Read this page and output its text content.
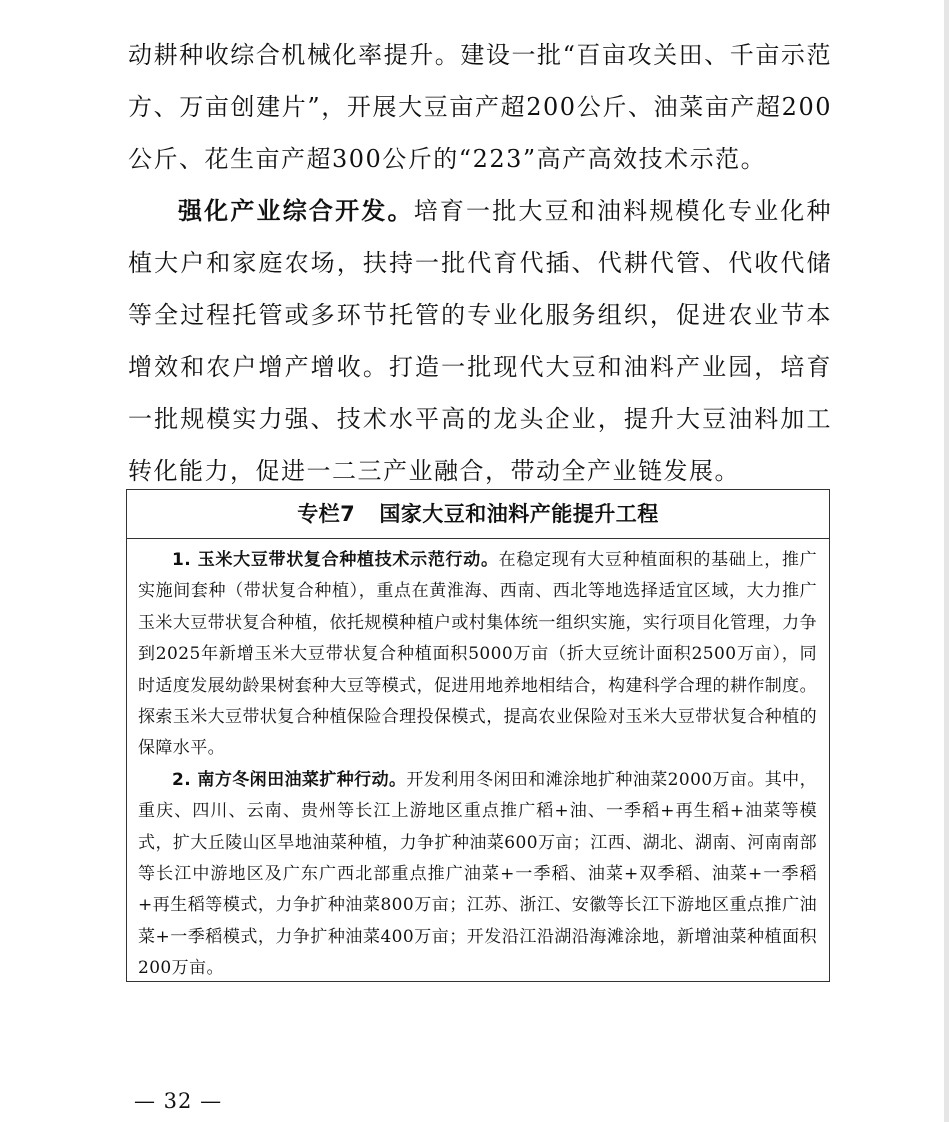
动耕种收综合机械化率提升。建设一批“百亩攻关田、千亩示范方、万亩创建片”，开展大豆亩产超200公斤、油菜亩产超200公斤、花生亩产超300公斤的“223”高产高效技术示范。

强化产业综合开发。培育一批大豆和油料规模化专业化种植大户和家庭农场，扶持一批代育代插、代耕代管、代收代储等全过程托管或多环节托管的专业化服务组织，促进农业节本增效和农户增产增收。打造一批现代大豆和油料产业园，培育一批规模实力强、技术水平高的龙头企业，提升大豆油料加工转化能力，促进一二三产业融合，带动全产业链发展。

专栏7 国家大豆和油料产能提升工程

1. 玉米大豆带状复合种植技术示范行动。在稳定现有大豆种植面积的基础上，推广实施间套种（带状复合种植），重点在黄淮海、西南、西北等地选择适宜区域，大力推广玉米大豆带状复合种植，依托规模种植户或村集体统一组织实施，实行项目化管理，力争到2025年新增玉米大豆带状复合种植面积5000万亩（折大豆统计面积2500万亩），同时适度发展幼龄果树套种大豆等模式，促进用地养地相结合，构建科学合理的耕作制度。探索玉米大豆带状复合种植保险合理投保模式，提高农业保险对玉米大豆带状复合种植的保障水平。

2. 南方冬闲田油菜扩种行动。开发利用冬闲田和滩涂地扩种油菜2000万亩。其中，重庆、四川、云南、贵州等长江上游地区重点推广稻+油、一季稻+再生稻+油菜等模式，扩大丘陵山区旱地油菜种植，力争扩种油菜600万亩；江西、湖北、湖南、河南南部等长江中游地区及广东广西北部重点推广油菜+一季稻、油菜+双季稻、油菜+一季稻+再生稻等模式，力争扩种油菜800万亩；江苏、浙江、安徽等长江下游地区重点推广油菜+一季稻模式，力争扩种油菜400万亩；开发沿江沿湖沿海滩涂地，新增油菜种植面积200万亩。

— 32 —
